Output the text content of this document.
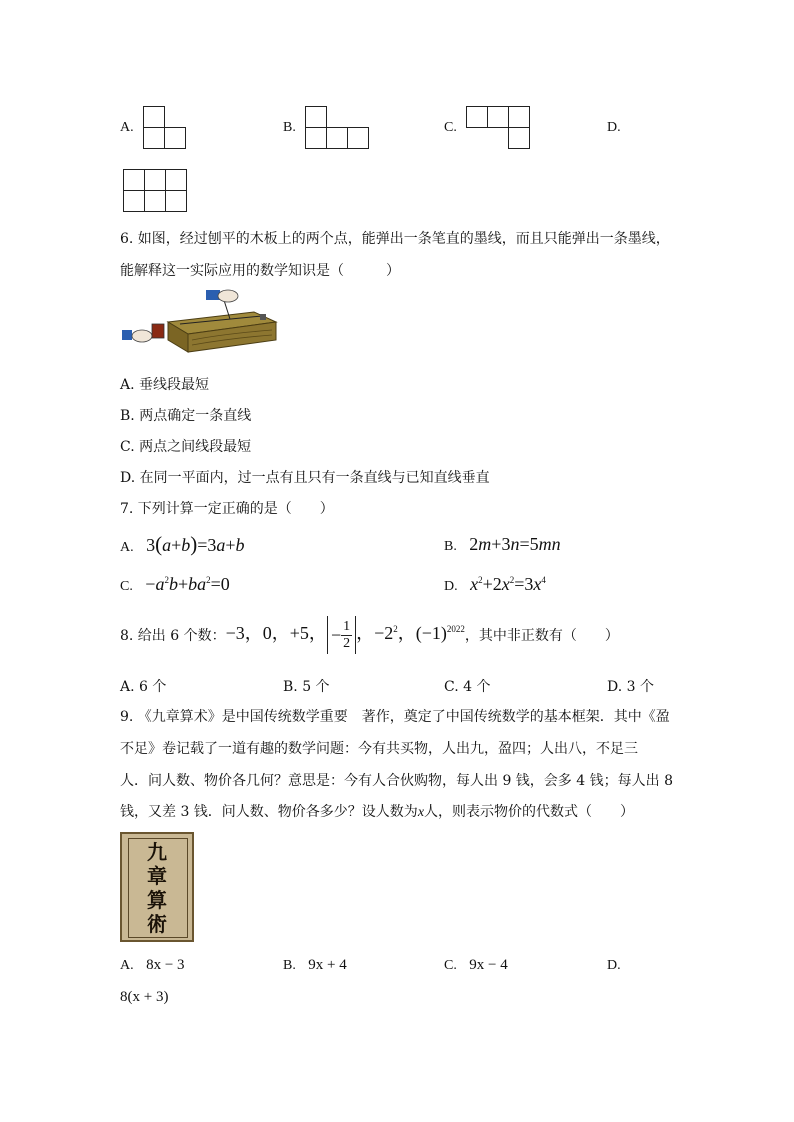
A.	B.	C.	D.
6. 如图，经过刨平的木板上的两个点，能弹出一条笔直的墨线，而且只能弹出一条墨线，
能解释这一实际应用的数学知识是（　　　）
A. 垂线段最短
B. 两点确定一条直线
C. 两点之间线段最短
D. 在同一平面内，过一点有且只有一条直线与已知直线垂直
7. 下列计算一定正确的是（　　）
A. 3(a+b)=3a+b	B. 2m+3n=5mn
C. $-a^2b+ba^2=0$	D. $x^2+2x^2=3x^4$
8. 给出 6 个数： −3，0，+5， − $\frac{1}{2}$ ，$-2^2$，$(-1)^{2022}$ ，其中非正数有（　　）
A. 6 个	B. 5 个	C. 4 个	D. 3 个
9. 《九章算术》是中国传统数学重要　著作，奠定了中国传统数学的基本框架．其中《盈
不足》卷记载了一道有趣的数学问题：今有共买物，人出九，盈四；人出八，不足三
人．问人数、物价各几何？意思是：今有人合伙购物，每人出 9 钱，会多 4 钱；每人出 8
钱，又差 3 钱．问人数、物价各多少？设人数为x人，则表示物价的代数式（　　）
九
章
算
術
A. 8x − 3	B. 9x + 4	C. 9x − 4	D.
8(x + 3)
